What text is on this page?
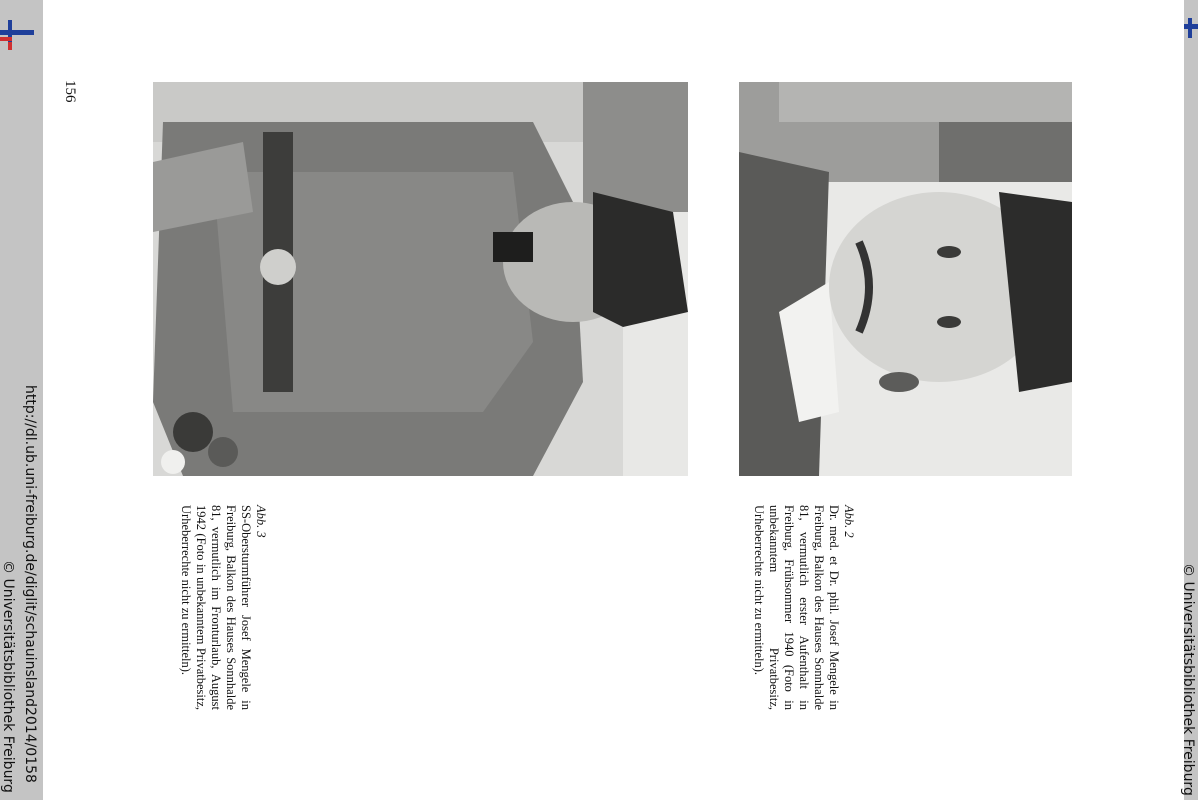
http://dl.ub.uni-freiburg.de/diglit/schauinsland2014/0158
© Universitätsbibliothek Freiburg	© Universitätsbibliothek Freiburg
156
Abb. 3
SS-Obersturmführer Josef Mengele in Freiburg, Balkon des Hauses Sonnhalde 81, vermutlich im Fronturlaub, August 1942 (Foto in unbekanntem Privatbesitz, Urheberrechte nicht zu ermitteln).	Abb. 2
Dr. med. et Dr. phil. Josef Mengele in Freiburg, Balkon des Hauses Sonnhalde 81, vermutlich erster Aufenthalt in Freiburg, Frühsommer 1940 (Foto in unbekanntem Privatbesitz, Urheberrechte nicht zu ermitteln).
